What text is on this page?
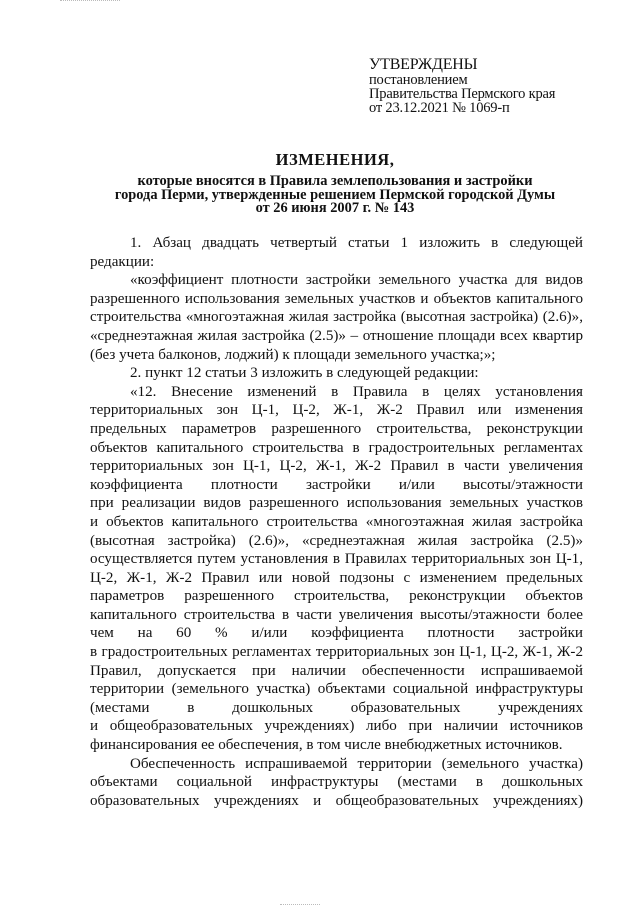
УТВЕРЖДЕНЫ
постановлением
Правительства Пермского края
от 23.12.2021 № 1069-п
ИЗМЕНЕНИЯ,
которые вносятся в Правила землепользования и застройки
города Перми, утвержденные решением Пермской городской Думы
от 26 июня 2007 г. № 143
1. Абзац двадцать четвертый статьи 1 изложить в следующей
редакции:
«коэффициент плотности застройки земельного участка для видов
разрешенного использования земельных участков и объектов капитального
строительства «многоэтажная жилая застройка (высотная застройка) (2.6)»,
«среднеэтажная жилая застройка (2.5)» – отношение площади всех квартир
(без учета балконов, лоджий) к площади земельного участка;»;
2. пункт 12 статьи 3 изложить в следующей редакции:
«12. Внесение изменений в Правила в целях установления
территориальных зон Ц-1, Ц-2, Ж-1, Ж-2 Правил или изменения
предельных параметров разрешенного строительства, реконструкции
объектов капитального строительства в градостроительных регламентах
территориальных зон Ц-1, Ц-2, Ж-1, Ж-2 Правил в части увеличения
коэффициента плотности застройки и/или высоты/этажности
при реализации видов разрешенного использования земельных участков
и объектов капитального строительства «многоэтажная жилая застройка
(высотная застройка) (2.6)», «среднеэтажная жилая застройка (2.5)»
осуществляется путем установления в Правилах территориальных зон Ц-1,
Ц-2, Ж-1, Ж-2 Правил или новой подзоны с изменением предельных
параметров разрешенного строительства, реконструкции объектов
капитального строительства в части увеличения высоты/этажности более
чем на 60 % и/или коэффициента плотности застройки
в градостроительных регламентах территориальных зон Ц-1, Ц-2, Ж-1, Ж-2
Правил, допускается при наличии обеспеченности испрашиваемой
территории (земельного участка) объектами социальной инфраструктуры
(местами в дошкольных образовательных учреждениях
и общеобразовательных учреждениях) либо при наличии источников
финансирования ее обеспечения, в том числе внебюджетных источников.
Обеспеченность испрашиваемой территории (земельного участка)
объектами социальной инфраструктуры (местами в дошкольных
образовательных учреждениях и общеобразовательных учреждениях)
